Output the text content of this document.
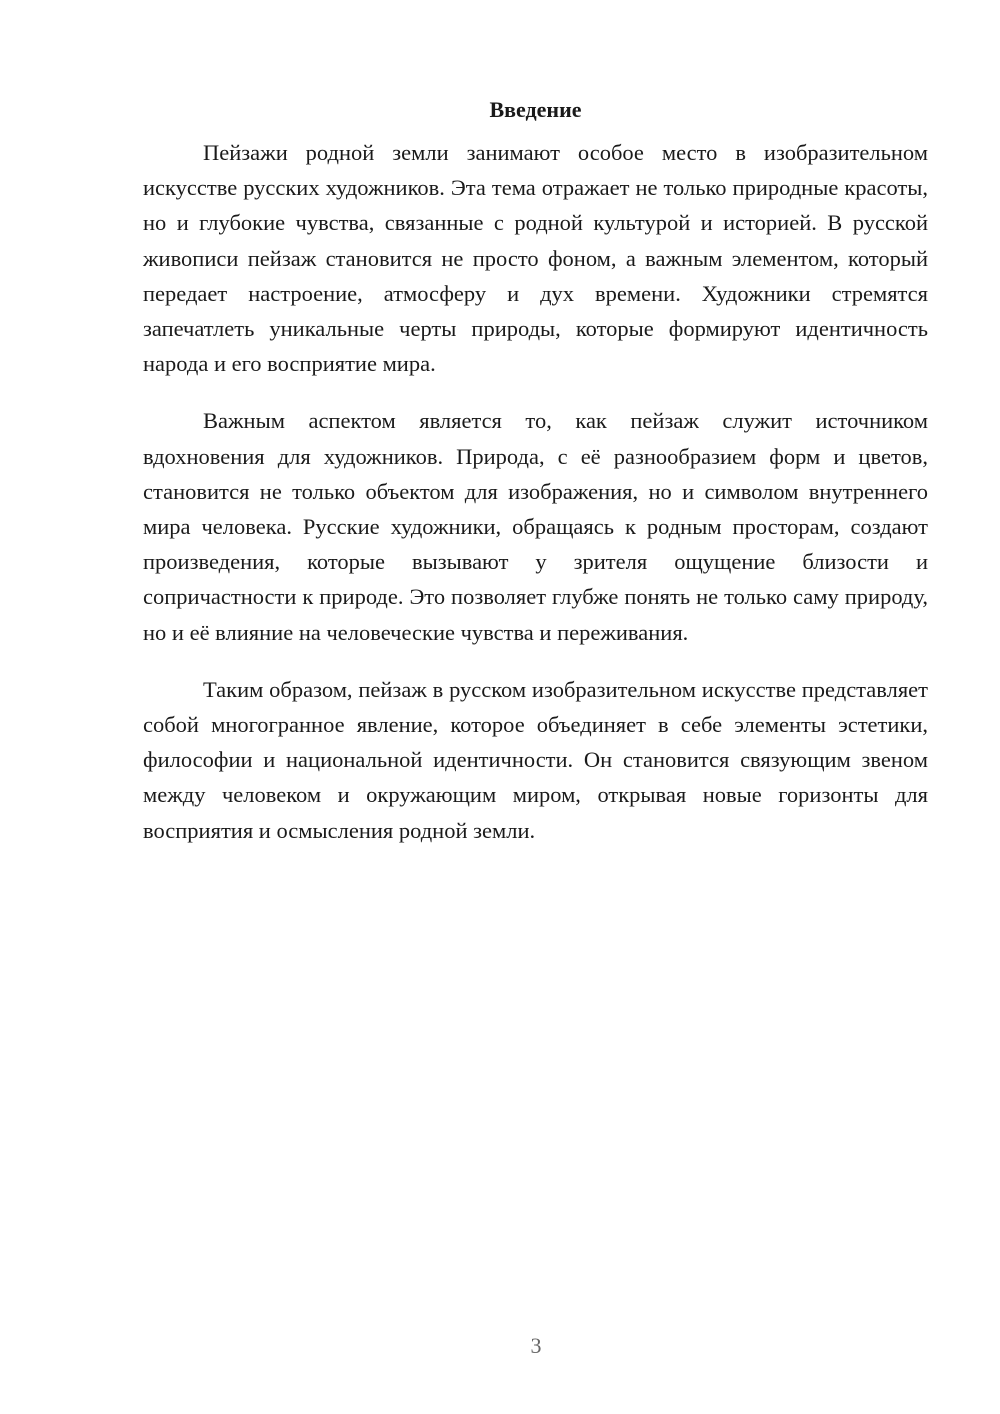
Введение

Пейзажи родной земли занимают особое место в изобразительном искусстве русских художников. Эта тема отражает не только природные красоты, но и глубокие чувства, связанные с родной культурой и историей. В русской живописи пейзаж становится не просто фоном, а важным элементом, который передает настроение, атмосферу и дух времени. Художники стремятся запечатлеть уникальные черты природы, которые формируют идентичность народа и его восприятие мира.

Важным аспектом является то, как пейзаж служит источником вдохновения для художников. Природа, с её разнообразием форм и цветов, становится не только объектом для изображения, но и символом внутреннего мира человека. Русские художники, обращаясь к родным просторам, создают произведения, которые вызывают у зрителя ощущение близости и сопричастности к природе. Это позволяет глубже понять не только саму природу, но и её влияние на человеческие чувства и переживания.

Таким образом, пейзаж в русском изобразительном искусстве представляет собой многогранное явление, которое объединяет в себе элементы эстетики, философии и национальной идентичности. Он становится связующим звеном между человеком и окружающим миром, открывая новые горизонты для восприятия и осмысления родной земли.

3
